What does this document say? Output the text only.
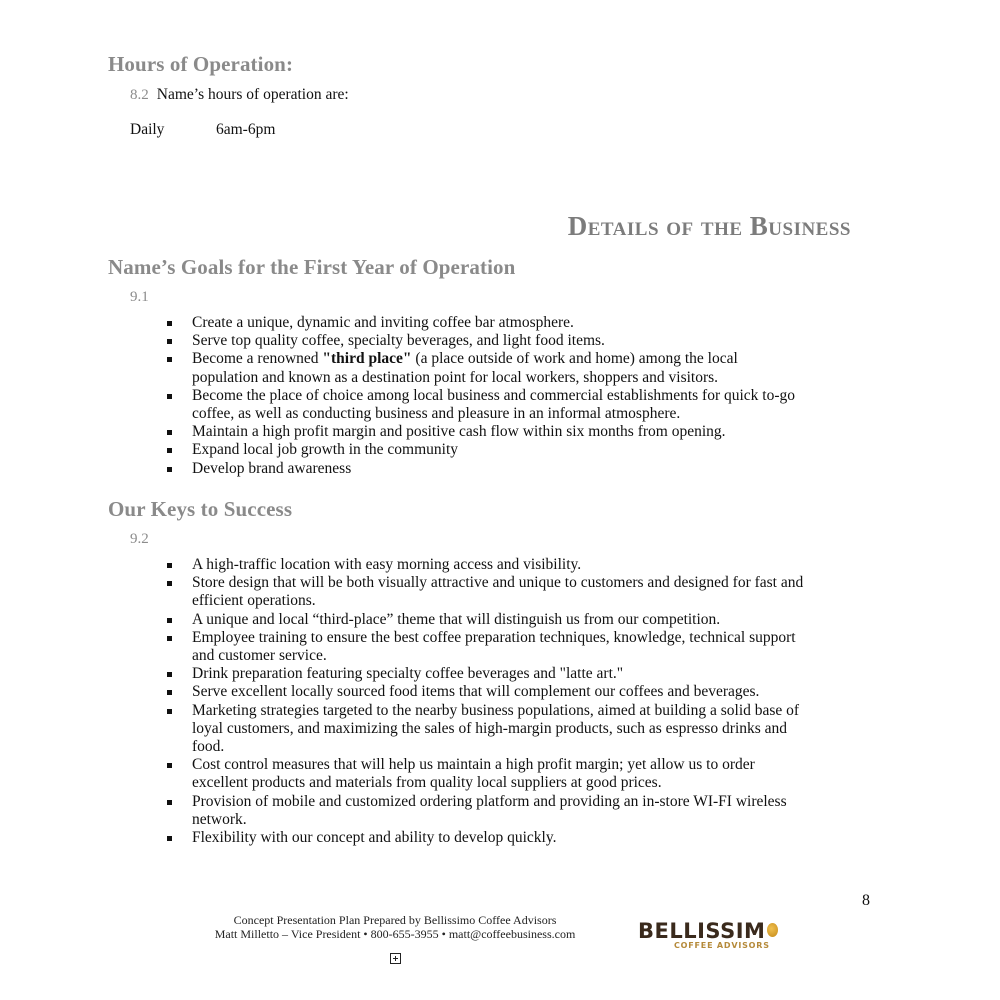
Hours of Operation:
8.2 Name’s hours of operation are:
Daily	6am-6pm
Details of the Business
Name’s Goals for the First Year of Operation
9.1
Create a unique, dynamic and inviting coffee bar atmosphere.
Serve top quality coffee, specialty beverages, and light food items.
Become a renowned "third place" (a place outside of work and home) among the local
population and known as a destination point for local workers, shoppers and visitors.
Become the place of choice among local business and commercial establishments for quick to-go
coffee, as well as conducting business and pleasure in an informal atmosphere.
Maintain a high profit margin and positive cash flow within six months from opening.
Expand local job growth in the community
Develop brand awareness
Our Keys to Success
9.2
A high-traffic location with easy morning access and visibility.
Store design that will be both visually attractive and unique to customers and designed for fast and
efficient operations.
A unique and local “third-place” theme that will distinguish us from our competition.
Employee training to ensure the best coffee preparation techniques, knowledge, technical support
and customer service.
Drink preparation featuring specialty coffee beverages and "latte art."
Serve excellent locally sourced food items that will complement our coffees and beverages.
Marketing strategies targeted to the nearby business populations, aimed at building a solid base of
loyal customers, and maximizing the sales of high-margin products, such as espresso drinks and
food.
Cost control measures that will help us maintain a high profit margin; yet allow us to order
excellent products and materials from quality local suppliers at good prices.
Provision of mobile and customized ordering platform and providing an in-store WI-FI wireless
network.
Flexibility with our concept and ability to develop quickly.
8
Concept Presentation Plan Prepared by Bellissimo Coffee Advisors
Matt Milletto – Vice President • 800-655-3955 • matt@coffeebusiness.com	BELLISSIM
COFFEE ADVISORS
